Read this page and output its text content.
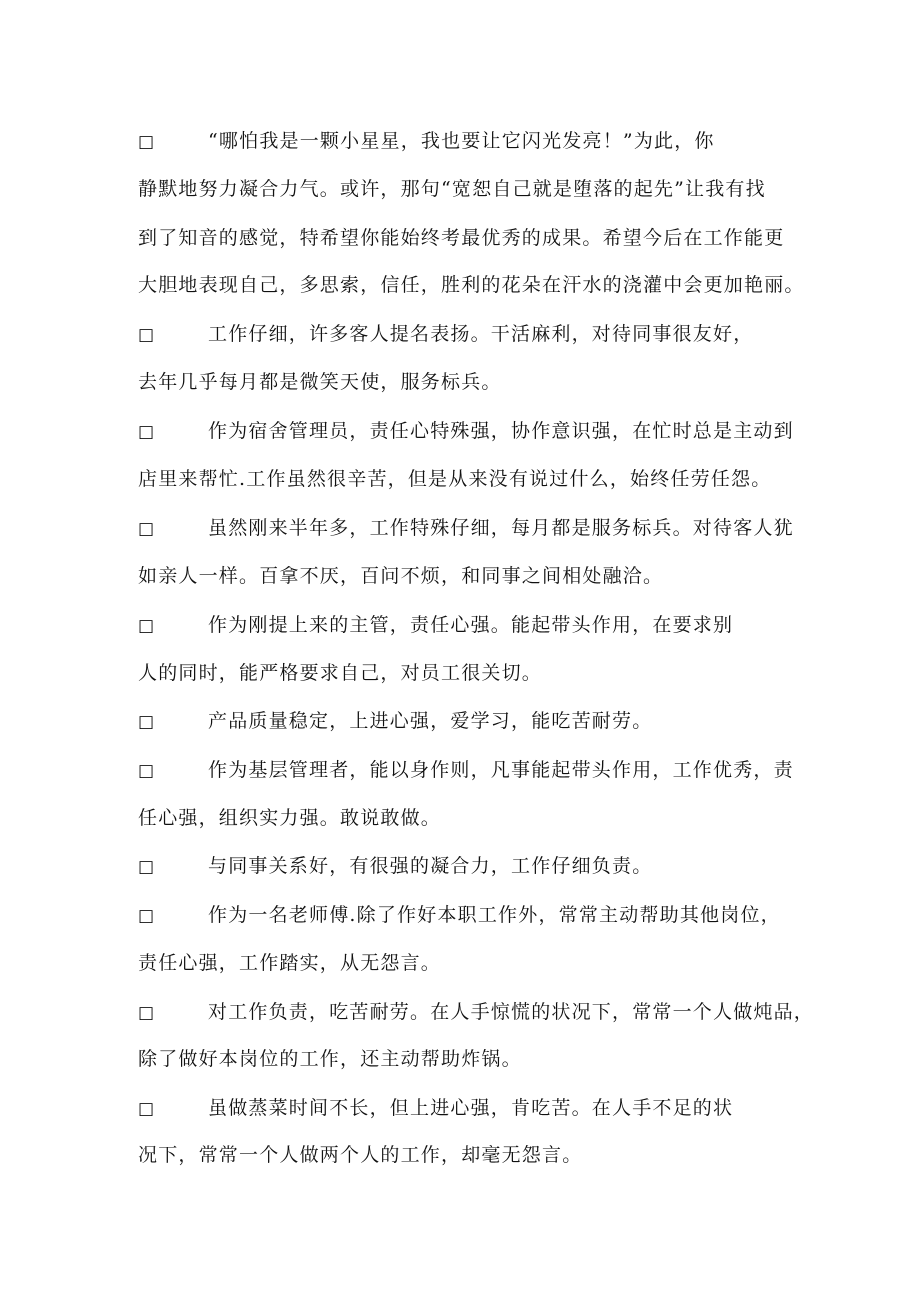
□	“哪怕我是一颗小星星，我也要让它闪光发亮！”为此，你
静默地努力凝合力气。或许，那句“宽恕自己就是堕落的起先”让我有找
到了知音的感觉，特希望你能始终考最优秀的成果。希望今后在工作能更
大胆地表现自己，多思索，信任，胜利的花朵在汗水的浇灌中会更加艳丽。
□	工作仔细，许多客人提名表扬。干活麻利，对待同事很友好，
去年几乎每月都是微笑天使，服务标兵。
□	作为宿舍管理员，责任心特殊强，协作意识强，在忙时总是主动到
店里来帮忙.工作虽然很辛苦，但是从来没有说过什么，始终任劳任怨。
□	虽然刚来半年多，工作特殊仔细，每月都是服务标兵。对待客人犹
如亲人一样。百拿不厌，百问不烦，和同事之间相处融洽。
□	作为刚提上来的主管，责任心强。能起带头作用，在要求别
人的同时，能严格要求自己，对员工很关切。
□	产品质量稳定，上进心强，爱学习，能吃苦耐劳。
□	作为基层管理者，能以身作则，凡事能起带头作用，工作优秀，责
任心强，组织实力强。敢说敢做。
□	与同事关系好，有很强的凝合力，工作仔细负责。
□	作为一名老师傅.除了作好本职工作外，常常主动帮助其他岗位，
责任心强，工作踏实，从无怨言。
□	对工作负责，吃苦耐劳。在人手惊慌的状况下，常常一个人做炖品，
除了做好本岗位的工作，还主动帮助炸锅。
□	虽做蒸菜时间不长，但上进心强，肯吃苦。在人手不足的状
况下，常常一个人做两个人的工作，却毫无怨言。
